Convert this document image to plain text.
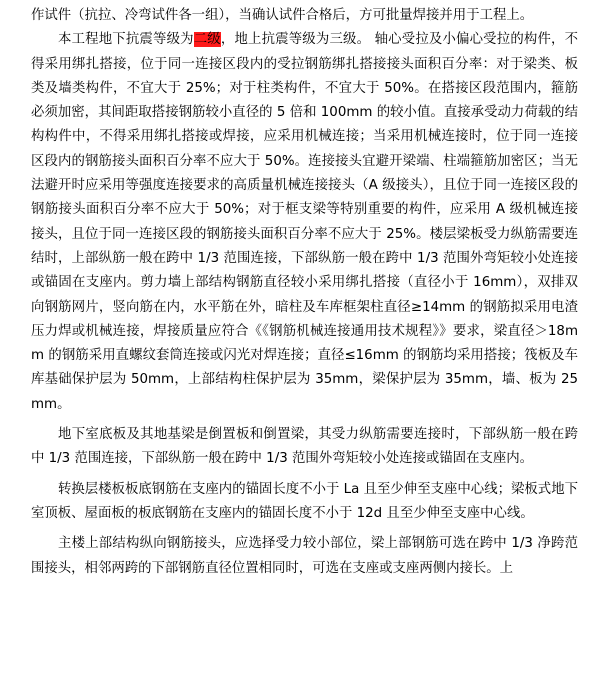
作试件（抗拉、冷弯试件各一组），当确认试件合格后，方可批量焊接并用于工程上。

本工程地下抗震等级为二级，地上抗震等级为三级。 轴心受拉及小偏心受拉的构件，不得采用绑扎搭接，位于同一连接区段内的受拉钢筋绑扎搭接接头面积百分率：对于梁类、板类及墙类构件，不宜大于 25%；对于柱类构件，不宜大于 50%。在搭接区段范围内，箍筋必须加密，其间距取搭接钢筋较小直径的 5 倍和 100mm 的较小值。直接承受动力荷载的结构构件中，不得采用绑扎搭接或焊接，应采用机械连接；当采用机械连接时，位于同一连接区段内的钢筋接头面积百分率不应大于 50%。连接接头宜避开梁端、柱端箍筋加密区；当无法避开时应采用等强度连接要求的高质量机械连接接头（A 级接头），且位于同一连接区段的钢筋接头面积百分率不应大于 50%；对于框支梁等特别重要的构件，应采用 A 级机械连接接头，且位于同一连接区段的钢筋接头面积百分率不应大于 25%。楼层梁板受力纵筋需要连结时，上部纵筋一般在跨中 1/3 范围连接，下部纵筋一般在跨中 1/3 范围外弯矩较小处连接或锚固在支座内。剪力墙上部结构钢筋直径较小采用绑扎搭接（直径小于 16mm），双排双向钢筋网片，竖向筋在内，水平筋在外，暗柱及车库框架柱直径≥14mm 的钢筋拟采用电渣压力焊或机械连接，焊接质量应符合《《钢筋机械连接通用技术规程》》要求，梁直径＞18mm 的钢筋采用直螺纹套筒连接或闪光对焊连接；直径≤16mm 的钢筋均采用搭接；筏板及车库基础保护层为 50mm，上部结构柱保护层为 35mm，梁保护层为 35mm，墙、板为 25mm。

地下室底板及其地基梁是倒置板和倒置梁，其受力纵筋需要连接时，下部纵筋一般在跨中 1/3 范围连接，下部纵筋一般在跨中 1/3 范围外弯矩较小处连接或锚固在支座内。

转换层楼板板底钢筋在支座内的锚固长度不小于 La 且至少伸至支座中心线；梁板式地下室顶板、屋面板的板底钢筋在支座内的锚固长度不小于 12d 且至少伸至支座中心线。

主楼上部结构纵向钢筋接头，应选择受力较小部位，梁上部钢筋可选在跨中 1/3 净跨范围接头，相邻两跨的下部钢筋直径位置相同时，可选在支座或支座两侧内接长。上
